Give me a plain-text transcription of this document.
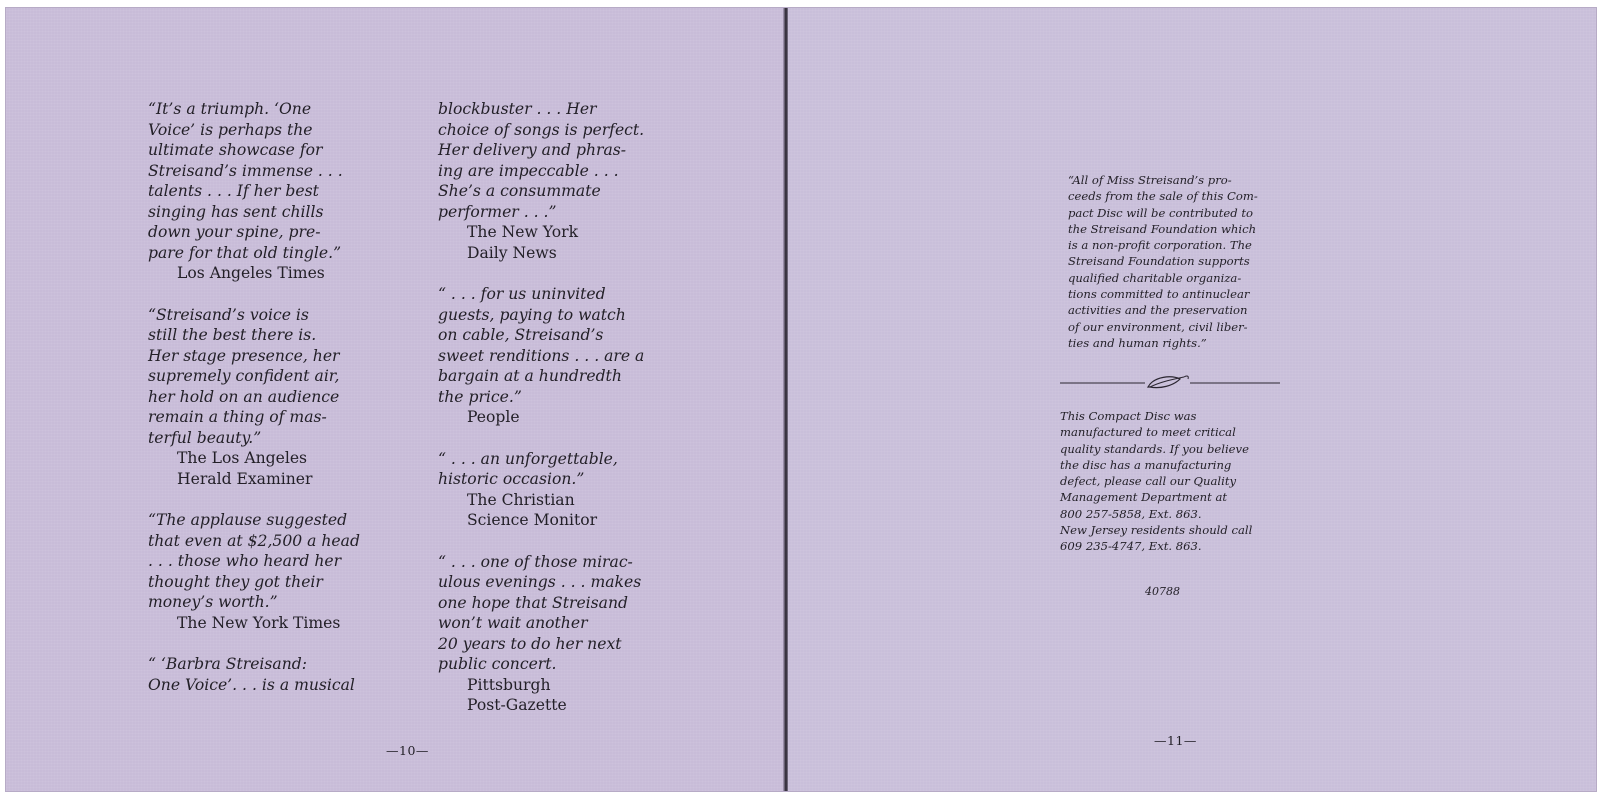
“It’s a triumph. ‘One
Voice’ is perhaps the
ultimate showcase for
Streisand’s immense . . .
talents . . . If her best
singing has sent chills
down your spine, pre-
pare for that old tingle.”
Los Angeles Times
“Streisand’s voice is
still the best there is.
Her stage presence, her
supremely confident air,
her hold on an audience
remain a thing of mas-
terful beauty.”
The Los Angeles
Herald Examiner
“The applause suggested
that even at $2,500 a head
. . . those who heard her
thought they got their
money’s worth.”
The New York Times
“ ‘Barbra Streisand:
One Voice’. . . is a musical
blockbuster . . . Her
choice of songs is perfect.
Her delivery and phras-
ing are impeccable . . .
She’s a consummate
performer . . .”
The New York
Daily News
“ . . . for us uninvited
guests, paying to watch
on cable, Streisand’s
sweet renditions . . . are a
bargain at a hundredth
the price.”
People
“ . . . an unforgettable,
historic occasion.”
The Christian
Science Monitor
“ . . . one of those mirac-
ulous evenings . . . makes
one hope that Streisand
won’t wait another
20 years to do her next
public concert.
Pittsburgh
Post-Gazette
—10—
“All of Miss Streisand’s pro-
ceeds from the sale of this Com-
pact Disc will be contributed to
the Streisand Foundation which
is a non-profit corporation. The
Streisand Foundation supports
qualified charitable organiza-
tions committed to antinuclear
activities and the preservation
of our environment, civil liber-
ties and human rights.”
This Compact Disc was
manufactured to meet critical
quality standards. If you believe
the disc has a manufacturing
defect, please call our Quality
Management Department at
800 257-5858, Ext. 863.
New Jersey residents should call
609 235-4747, Ext. 863.
40788
—11—
